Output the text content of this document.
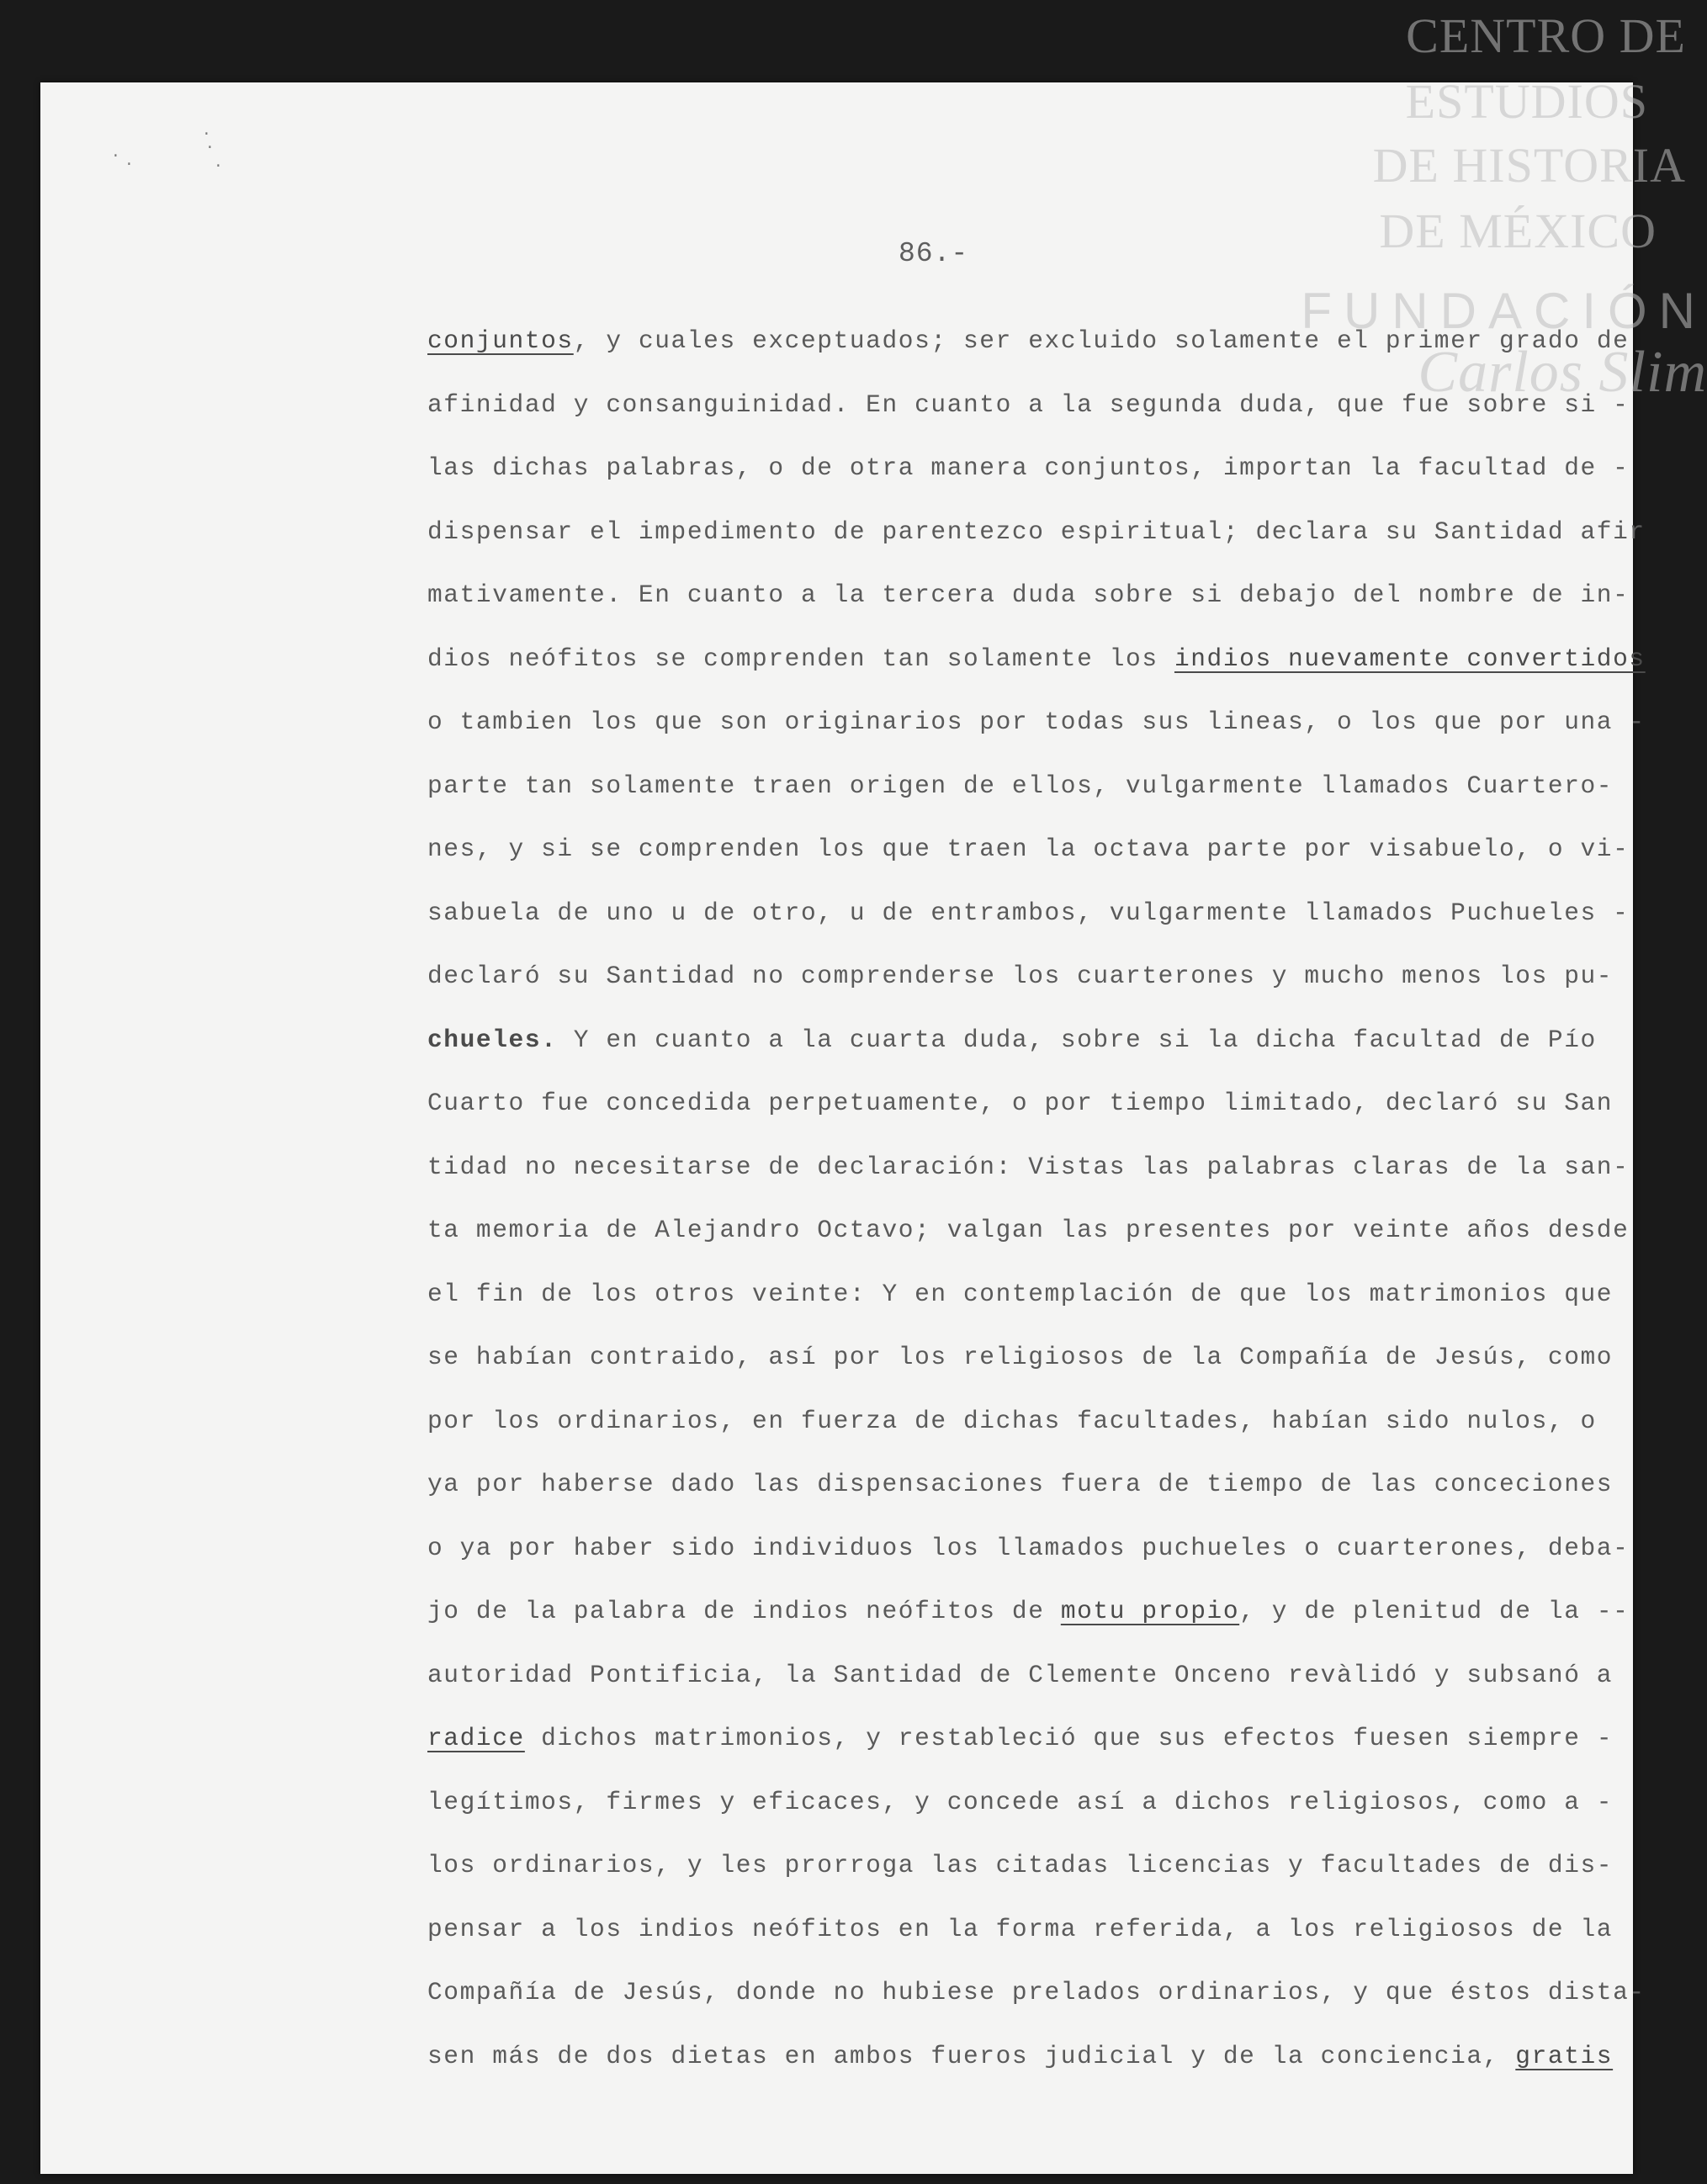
· ·
·
·
·
86.-
conjuntos, y cuales exceptuados; ser excluido solamente el primer grado de
afinidad y consanguinidad. En cuanto a la segunda duda, que fue sobre si -
las dichas palabras, o de otra manera conjuntos, importan la facultad de -
dispensar el impedimento de parentezco espiritual; declara su Santidad afir
mativamente. En cuanto a la tercera duda sobre si debajo del nombre de in-
dios neófitos se comprenden tan solamente los indios nuevamente convertidos
o tambien los que son originarios por todas sus lineas, o los que por una -
parte tan solamente traen origen de ellos, vulgarmente llamados Cuartero-
nes, y si se comprenden los que traen la octava parte por visabuelo, o vi-
sabuela de uno u de otro, u de entrambos, vulgarmente llamados Puchueles -
declaró su Santidad no comprenderse los cuarterones y mucho menos los pu-
chueles. Y en cuanto a la cuarta duda, sobre si la dicha facultad de Pío
Cuarto fue concedida perpetuamente, o por tiempo limitado, declaró su San
tidad no necesitarse de declaración: Vistas las palabras claras de la san-
ta memoria de Alejandro Octavo; valgan las presentes por veinte años desde
el fin de los otros veinte: Y en contemplación de que los matrimonios que
se habían contraido, así por los religiosos de la Compañía de Jesús, como
por los ordinarios, en fuerza de dichas facultades, habían sido nulos, o
ya por haberse dado las dispensaciones fuera de tiempo de las conceciones
o ya por haber sido individuos los llamados puchueles o cuarterones, deba-
jo de la palabra de indios neófitos de motu propio, y de plenitud de la --
autoridad Pontificia, la Santidad de Clemente Onceno revàlidó y subsanó a
radice dichos matrimonios, y restableció que sus efectos fuesen siempre -
legítimos, firmes y eficaces, y concede así a dichos religiosos, como a -
los ordinarios, y les prorroga las citadas licencias y facultades de dis-
pensar a los indios neófitos en la forma referida, a los religiosos de la
Compañía de Jesús, donde no hubiese prelados ordinarios, y que éstos dista-
sen más de dos dietas en ambos fueros judicial y de la conciencia, gratis
CENTRO DE
ESTUDIOS
DE HISTORIA
DE MÉXICO
FUNDACIÓN
Carlos Slim
